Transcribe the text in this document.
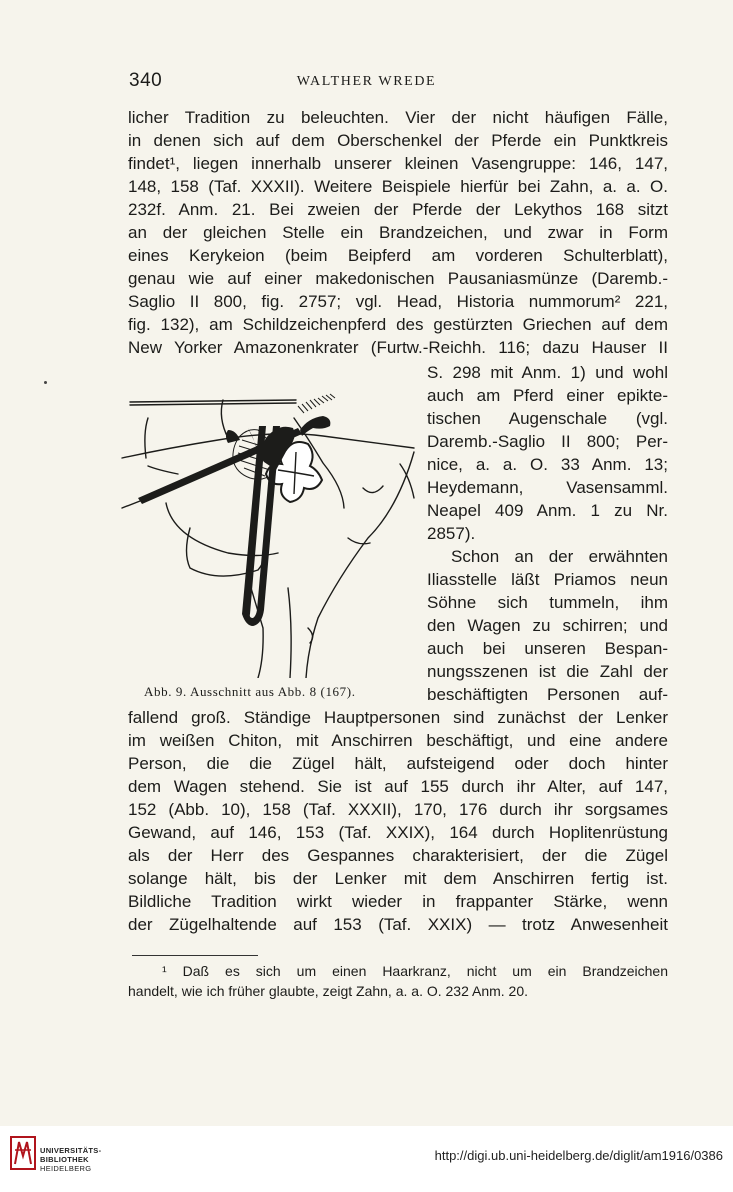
340	WALTHER WREDE
licher Tradition zu beleuchten. Vier der nicht häufigen Fälle,
in denen sich auf dem Oberschenkel der Pferde ein Punktkreis
findet¹, liegen innerhalb unserer kleinen Vasengruppe: 146, 147,
148, 158 (Taf. XXXII). Weitere Beispiele hierfür bei Zahn, a. a. O.
232f. Anm. 21. Bei zweien der Pferde der Lekythos 168 sitzt
an der gleichen Stelle ein Brandzeichen, und zwar in Form
eines Kerykeion (beim Beipferd am vorderen Schulterblatt),
genau wie auf einer makedonischen Pausaniasmünze (Daremb.-
Saglio II 800, fig. 2757; vgl. Head, Historia nummorum² 221,
fig. 132), am Schildzeichenpferd des gestürzten Griechen auf dem
New Yorker Amazonenkrater (Furtw.-Reichh. 116; dazu Hauser II
S. 298 mit Anm. 1) und wohl
auch am Pferd einer epikte-
tischen Augenschale (vgl.
Daremb.-Saglio II 800; Per-
nice, a. a. O. 33 Anm. 13;
Heydemann, Vasensamml.
Neapel 409 Anm. 1 zu Nr.
2857).
Schon an der erwähnten
Iliasstelle läßt Priamos neun
Söhne sich tummeln, ihm
den Wagen zu schirren; und
auch bei unseren Bespan-
nungsszenen ist die Zahl der
beschäftigten Personen auf-
fallend groß. Ständige Hauptpersonen sind zunächst der Lenker
im weißen Chiton, mit Anschirren beschäftigt, und eine andere
Person, die die Zügel hält, aufsteigend oder doch hinter
dem Wagen stehend. Sie ist auf 155 durch ihr Alter, auf 147,
152 (Abb. 10), 158 (Taf. XXXII), 170, 176 durch ihr sorgsames
Gewand, auf 146, 153 (Taf. XXIX), 164 durch Hoplitenrüstung
als der Herr des Gespannes charakterisiert, der die Zügel
solange hält, bis der Lenker mit dem Anschirren fertig ist.
Bildliche Tradition wirkt wieder in frappanter Stärke, wenn
der Zügelhaltende auf 153 (Taf. XXIX) — trotz Anwesenheit
Abb. 9. Ausschnitt aus Abb. 8 (167).
¹ Daß es sich um einen Haarkranz, nicht um ein Brandzeichen
handelt, wie ich früher glaubte, zeigt Zahn, a. a. O. 232 Anm. 20.
UNIVERSITÄTS-
BIBLIOTHEK
HEIDELBERG
http://digi.ub.uni-heidelberg.de/diglit/am1916/0386
